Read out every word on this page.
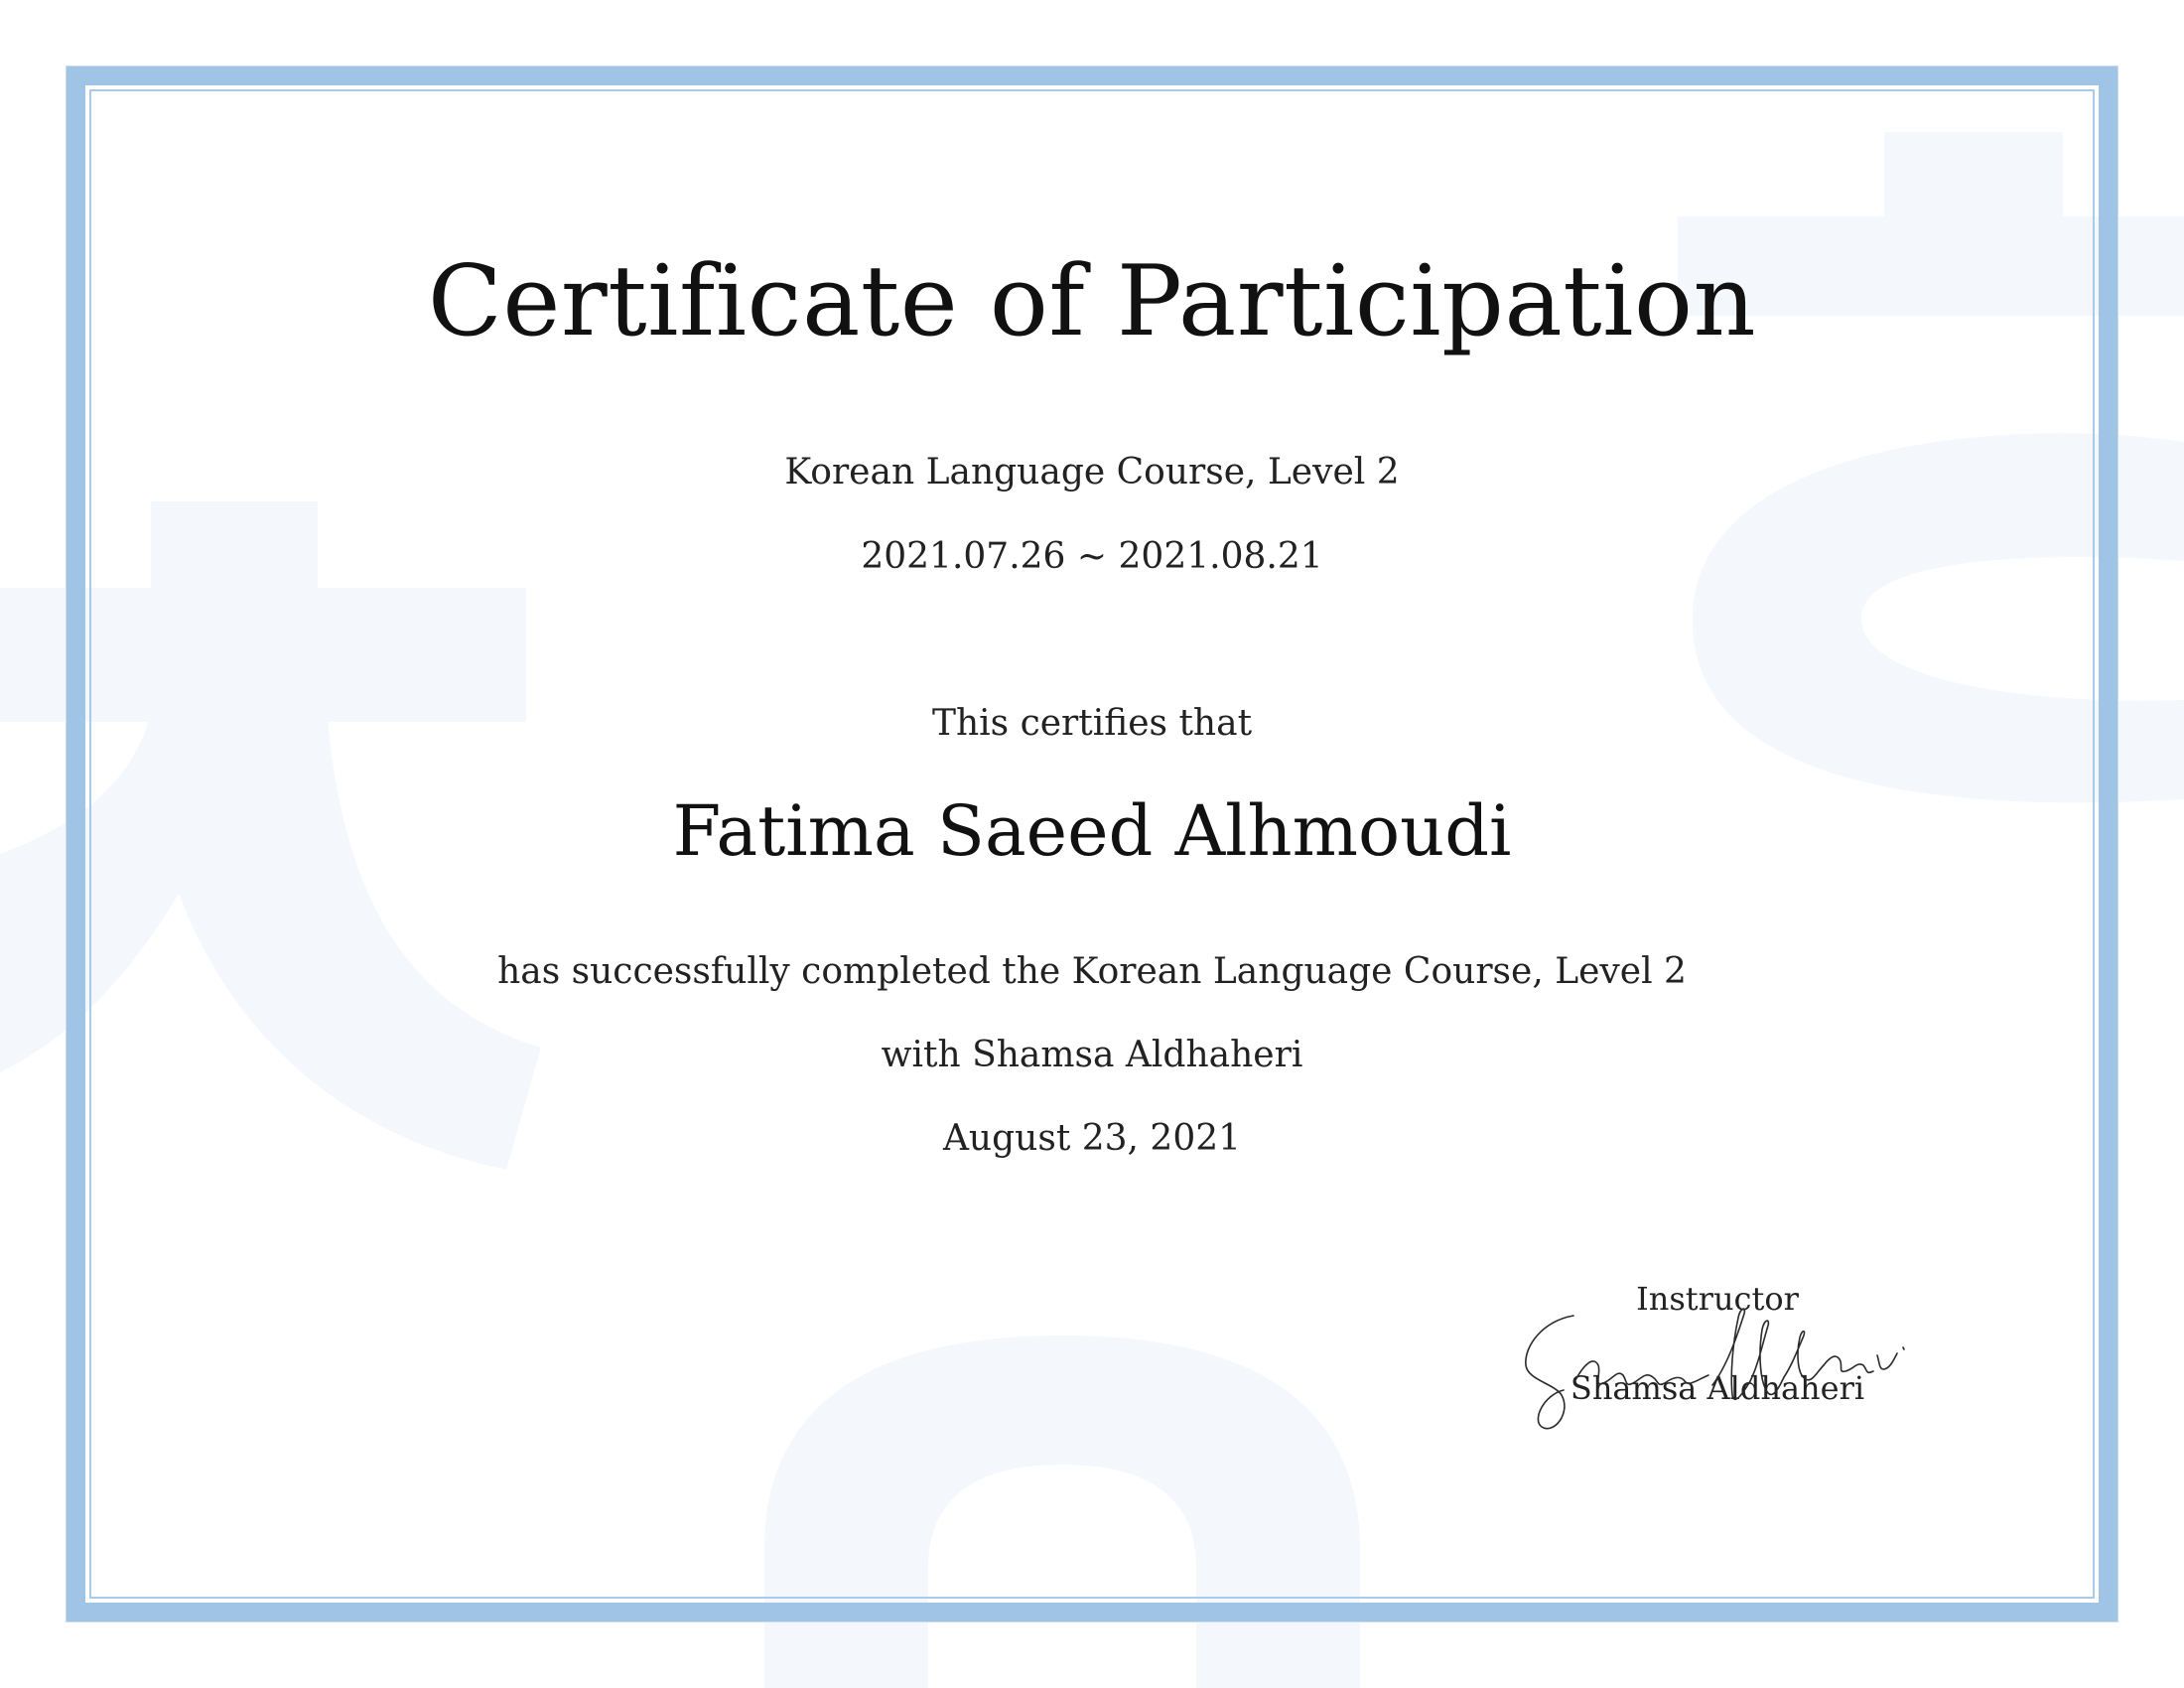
Certificate of Participation
Korean Language Course, Level 2
2021.07.26 ~ 2021.08.21
This certifies that
Fatima Saeed Alhmoudi
has successfully completed the Korean Language Course, Level 2
with Shamsa Aldhaheri
August 23, 2021
Instructor
Shamsa Aldhaheri
